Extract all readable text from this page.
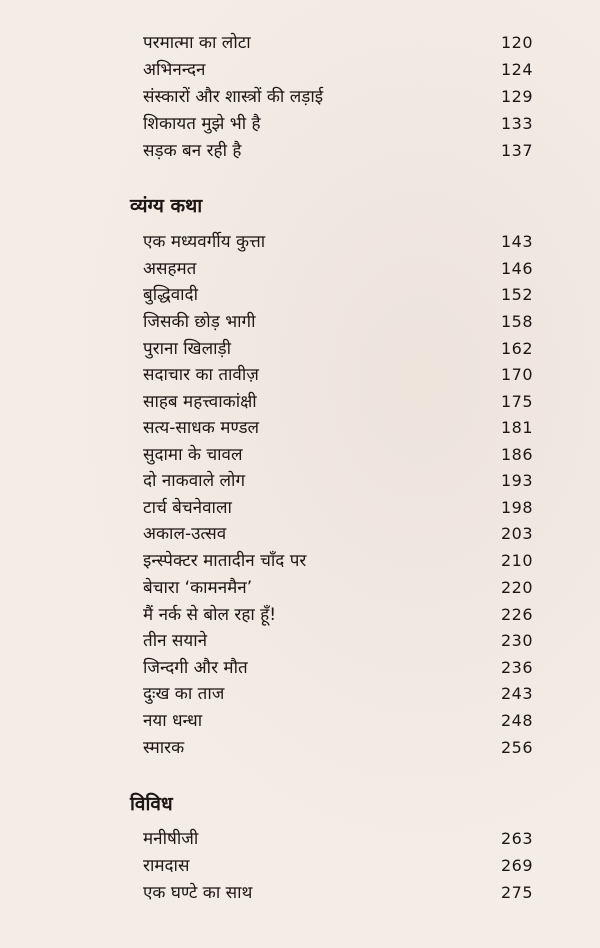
परमात्मा का लोटा	120
अभिनन्दन	124
संस्कारों और शास्त्रों की लड़ाई	129
शिकायत मुझे भी है	133
सड़क बन रही है	137
व्यंग्य कथा
एक मध्यवर्गीय कुत्ता	143
असहमत	146
बुद्धिवादी	152
जिसकी छोड़ भागी	158
पुराना खिलाड़ी	162
सदाचार का तावीज़	170
साहब महत्त्वाकांक्षी	175
सत्य-साधक मण्डल	181
सुदामा के चावल	186
दो नाकवाले लोग	193
टार्च बेचनेवाला	198
अकाल-उत्सव	203
इन्स्पेक्टर मातादीन चाँद पर	210
बेचारा ‘कामनमैन’	220
मैं नर्क से बोल रहा हूँ!	226
तीन सयाने	230
जिन्दगी और मौत	236
दुःख का ताज	243
नया धन्धा	248
स्मारक	256
विविध
मनीषीजी	263
रामदास	269
एक घण्टे का साथ	275
